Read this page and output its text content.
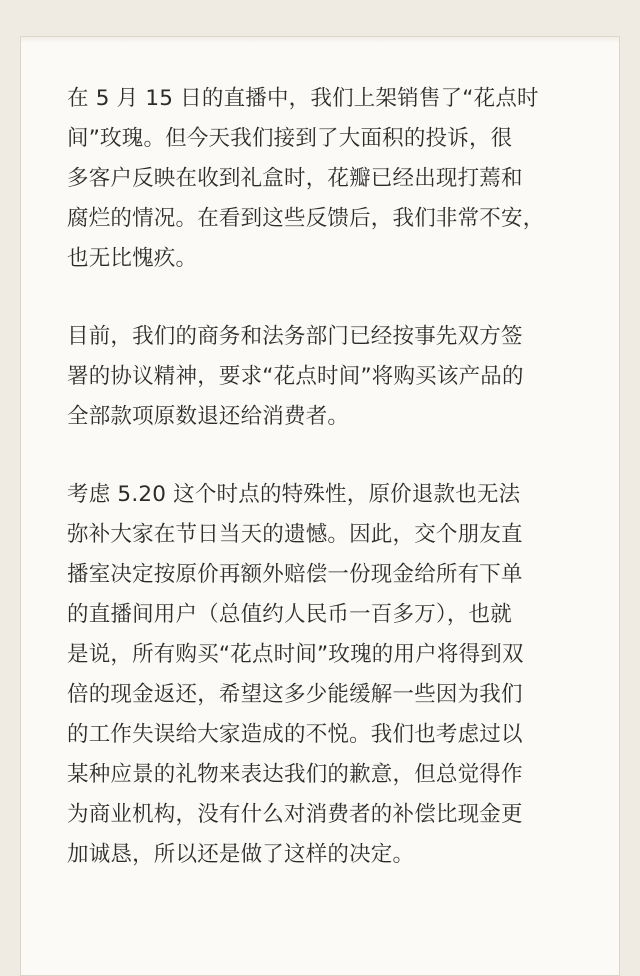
在 5 月 15 日的直播中，我们上架销售了“花点时
间”玫瑰。但今天我们接到了大面积的投诉，很
多客户反映在收到礼盒时，花瓣已经出现打蔫和
腐烂的情况。在看到这些反馈后，我们非常不安，
也无比愧疚。

目前，我们的商务和法务部门已经按事先双方签
署的协议精神，要求“花点时间”将购买该产品的
全部款项原数退还给消费者。

考虑 5.20 这个时点的特殊性，原价退款也无法
弥补大家在节日当天的遗憾。因此，交个朋友直
播室决定按原价再额外赔偿一份现金给所有下单
的直播间用户（总值约人民币一百多万），也就
是说，所有购买“花点时间”玫瑰的用户将得到双
倍的现金返还，希望这多少能缓解一些因为我们
的工作失误给大家造成的不悦。我们也考虑过以
某种应景的礼物来表达我们的歉意，但总觉得作
为商业机构，没有什么对消费者的补偿比现金更
加诚恳，所以还是做了这样的决定。
